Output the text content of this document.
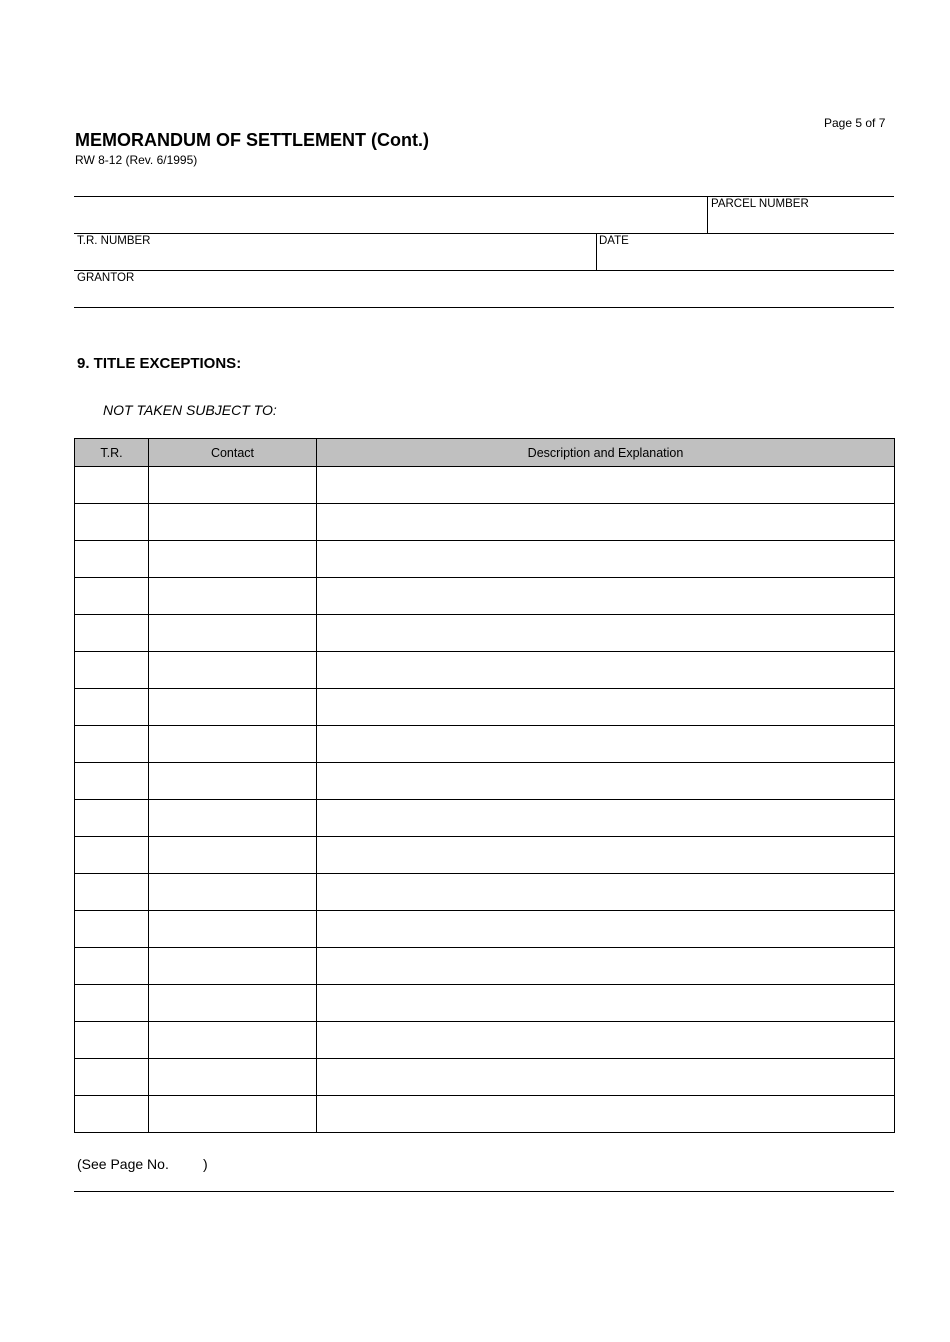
Page 5 of 7
MEMORANDUM OF SETTLEMENT (Cont.)
RW 8-12 (Rev. 6/1995)
PARCEL NUMBER
T.R. NUMBER	DATE
GRANTOR
9. TITLE EXCEPTIONS:
NOT TAKEN SUBJECT TO:
T.R.	Contact	Description and Explanation

(See Page No. )
